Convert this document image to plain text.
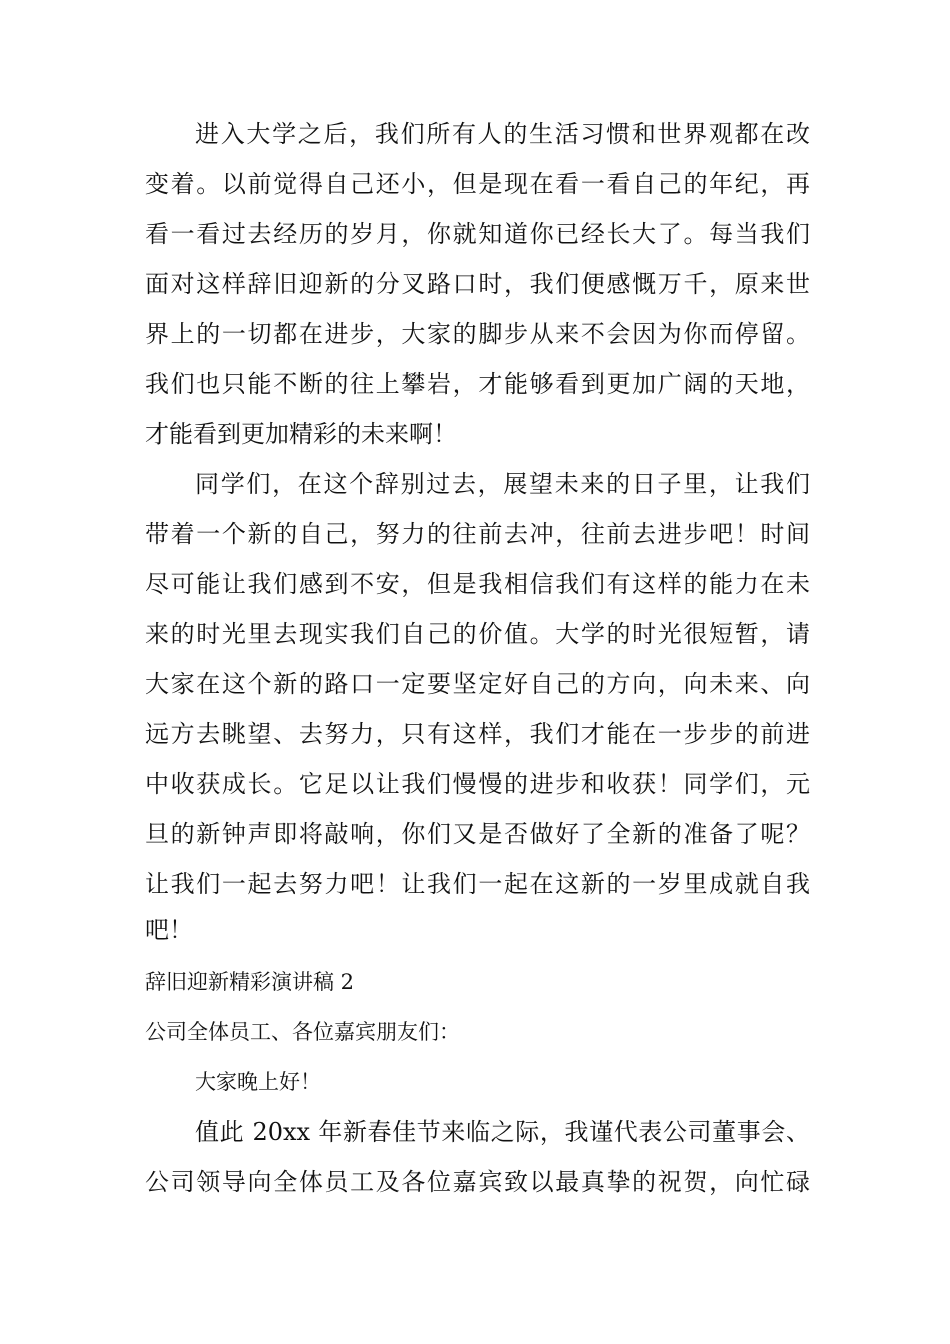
进入大学之后，我们所有人的生活习惯和世界观都在改
变着。以前觉得自己还小，但是现在看一看自己的年纪，再
看一看过去经历的岁月，你就知道你已经长大了。每当我们
面对这样辞旧迎新的分叉路口时，我们便感慨万千，原来世
界上的一切都在进步，大家的脚步从来不会因为你而停留。
我们也只能不断的往上攀岩，才能够看到更加广阔的天地，
才能看到更加精彩的未来啊！
同学们，在这个辞别过去，展望未来的日子里，让我们
带着一个新的自己，努力的往前去冲，往前去进步吧！时间
尽可能让我们感到不安，但是我相信我们有这样的能力在未
来的时光里去现实我们自己的价值。大学的时光很短暂，请
大家在这个新的路口一定要坚定好自己的方向，向未来、向
远方去眺望、去努力，只有这样，我们才能在一步步的前进
中收获成长。它足以让我们慢慢的进步和收获！同学们，元
旦的新钟声即将敲响，你们又是否做好了全新的准备了呢？
让我们一起去努力吧！让我们一起在这新的一岁里成就自我
吧！
辞旧迎新精彩演讲稿 2
公司全体员工、各位嘉宾朋友们：
大家晚上好！
值此 20xx 年新春佳节来临之际，我谨代表公司董事会、
公司领导向全体员工及各位嘉宾致以最真挚的祝贺，向忙碌
